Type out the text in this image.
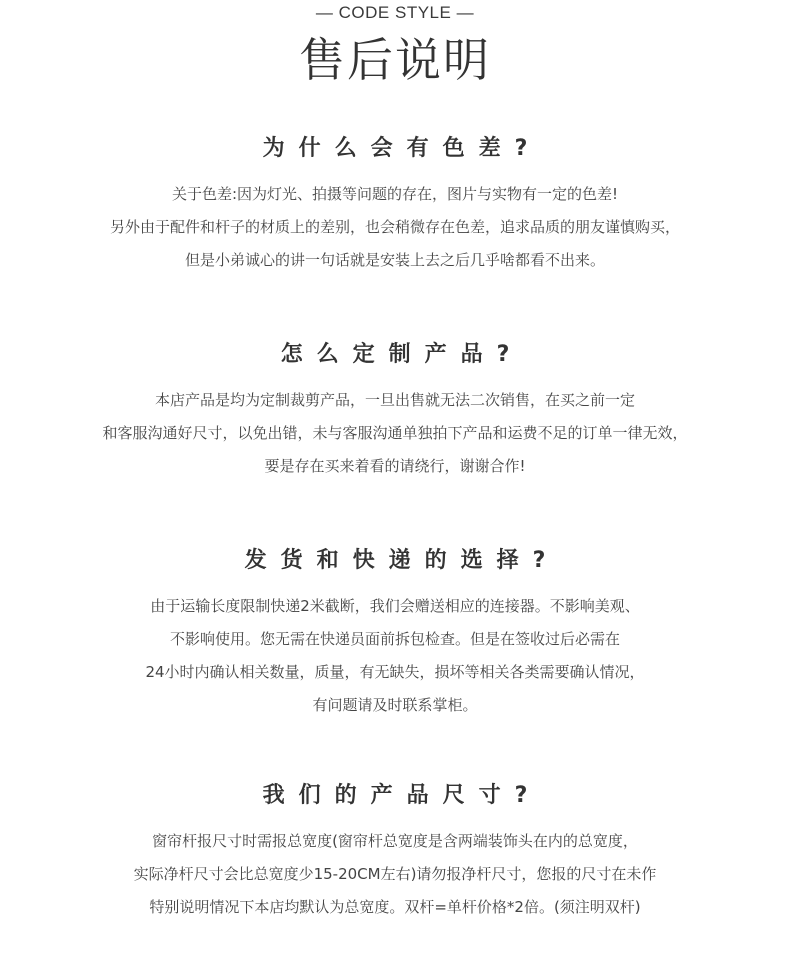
— CODE STYLE —
售后说明
为什么会有色差?
关于色差:因为灯光、拍摄等问题的存在，图片与实物有一定的色差!
另外由于配件和杆子的材质上的差别，也会稍微存在色差，追求品质的朋友谨慎购买，
但是小弟诚心的讲一句话就是安装上去之后几乎啥都看不出来。
怎么定制产品?
本店产品是均为定制裁剪产品，一旦出售就无法二次销售，在买之前一定
和客服沟通好尺寸，以免出错，未与客服沟通单独拍下产品和运费不足的订单一律无效，
要是存在买来着看的请绕行，谢谢合作!
发货和快递的选择?
由于运输长度限制快递2米截断，我们会赠送相应的连接器。不影响美观、
不影响使用。您无需在快递员面前拆包检查。但是在签收过后必需在
24小时内确认相关数量，质量，有无缺失，损坏等相关各类需要确认情况，
有问题请及时联系掌柜。
我们的产品尺寸?
窗帘杆报尺寸时需报总宽度(窗帘杆总宽度是含两端装饰头在内的总宽度，
实际净杆尺寸会比总宽度少15-20CM左右)请勿报净杆尺寸，您报的尺寸在未作
特别说明情况下本店均默认为总宽度。双杆=单杆价格*2倍。(须注明双杆)
